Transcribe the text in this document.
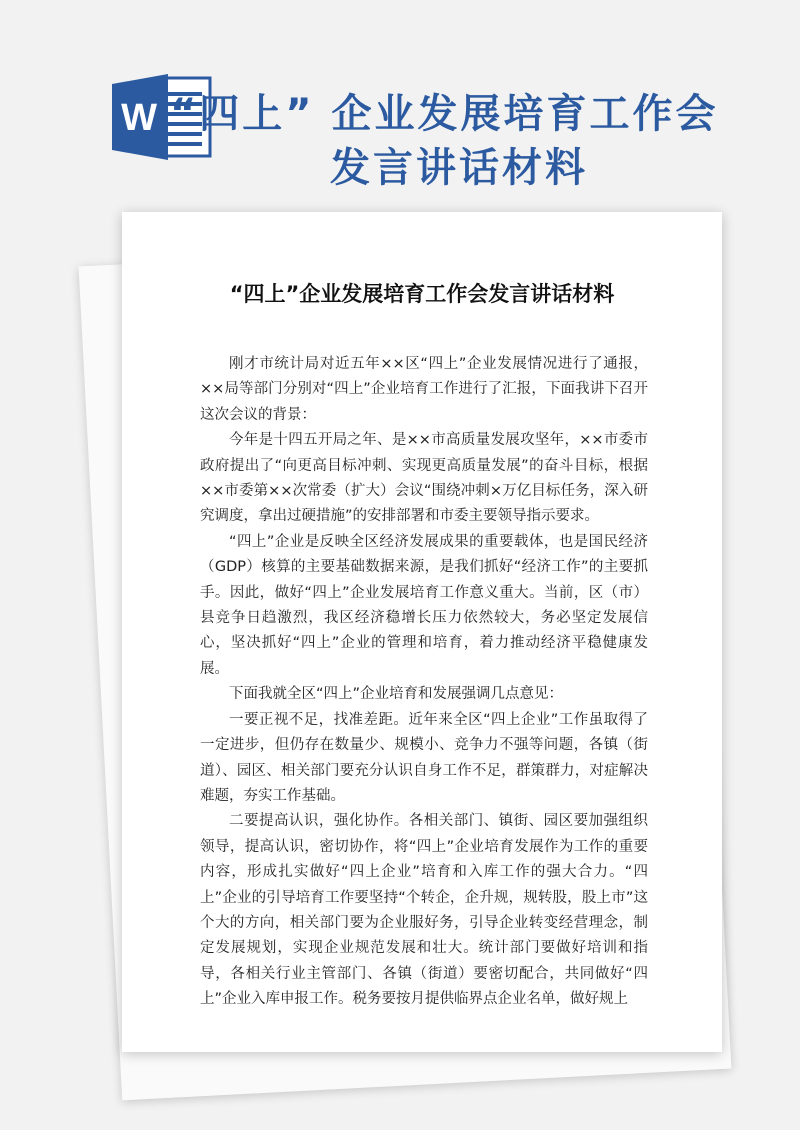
W “四上” 企业发展培育工作会
发言讲话材料
“四上”企业发展培育工作会发言讲话材料

刚才市统计局对近五年××区“四上”企业发展情况进行了通报，××局等部门分别对“四上”企业培育工作进行了汇报，下面我讲下召开这次会议的背景：

今年是十四五开局之年、是××市高质量发展攻坚年，××市委市政府提出了“向更高目标冲刺、实现更高质量发展”的奋斗目标，根据××市委第××次常委（扩大）会议“围绕冲刺×万亿目标任务，深入研究调度，拿出过硬措施”的安排部署和市委主要领导指示要求。

“四上”企业是反映全区经济发展成果的重要载体，也是国民经济（GDP）核算的主要基础数据来源，是我们抓好“经济工作”的主要抓手。因此，做好“四上”企业发展培育工作意义重大。当前，区（市）县竞争日趋激烈，我区经济稳增长压力依然较大，务必坚定发展信心，坚决抓好“四上”企业的管理和培育，着力推动经济平稳健康发展。

下面我就全区“四上”企业培育和发展强调几点意见：

一要正视不足，找准差距。近年来全区“四上企业”工作虽取得了一定进步，但仍存在数量少、规模小、竞争力不强等问题，各镇（街道）、园区、相关部门要充分认识自身工作不足，群策群力，对症解决难题，夯实工作基础。

二要提高认识，强化协作。各相关部门、镇街、园区要加强组织领导，提高认识，密切协作，将“四上”企业培育发展作为工作的重要内容，形成扎实做好“四上企业”培育和入库工作的强大合力。“四上”企业的引导培育工作要坚持“个转企，企升规，规转股，股上市”这个大的方向，相关部门要为企业服好务，引导企业转变经营理念，制定发展规划，实现企业规范发展和壮大。统计部门要做好培训和指导，各相关行业主管部门、各镇（街道）要密切配合，共同做好“四上”企业入库申报工作。税务要按月提供临界点企业名单，做好规上
